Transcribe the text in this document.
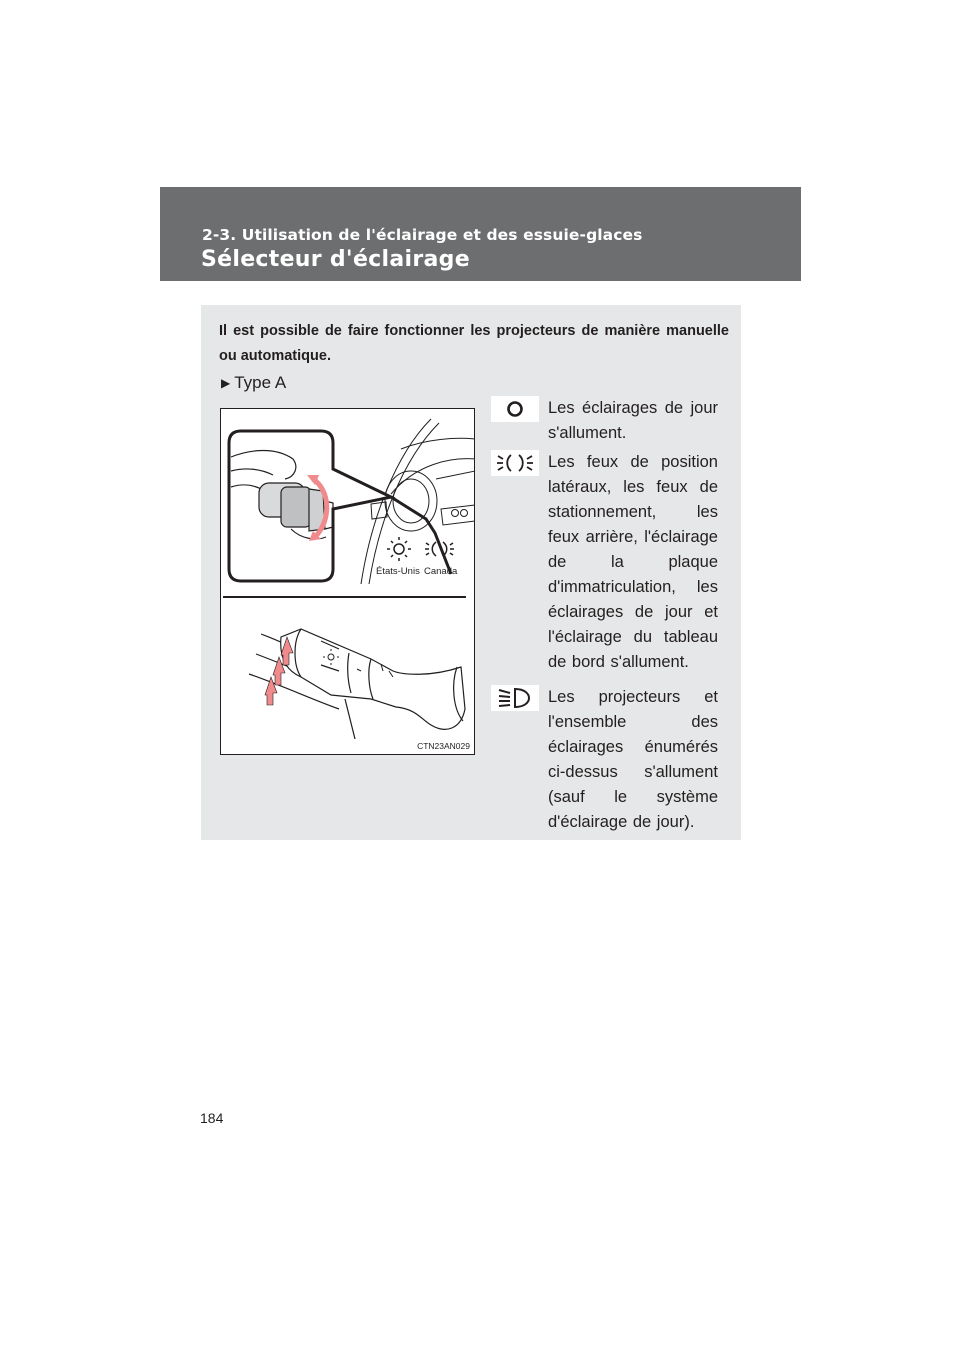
2-3. Utilisation de l'éclairage et des essuie-glaces
Sélecteur d'éclairage
Il est possible de faire fonctionner les projecteurs de manière manuelle ou automatique.
▶ Type A
États-Unis Canada
CTN23AN029
Les éclairages de jour s'allument.
Les feux de position latéraux, les feux de stationnement, les feux arrière, l'éclairage de la plaque d'immatriculation, les éclairages de jour et l'éclairage du tableau de bord s'allument.
Les projecteurs et l'ensemble des éclairages énumérés ci-dessus s'allument (sauf le système d'éclairage de jour).
184
